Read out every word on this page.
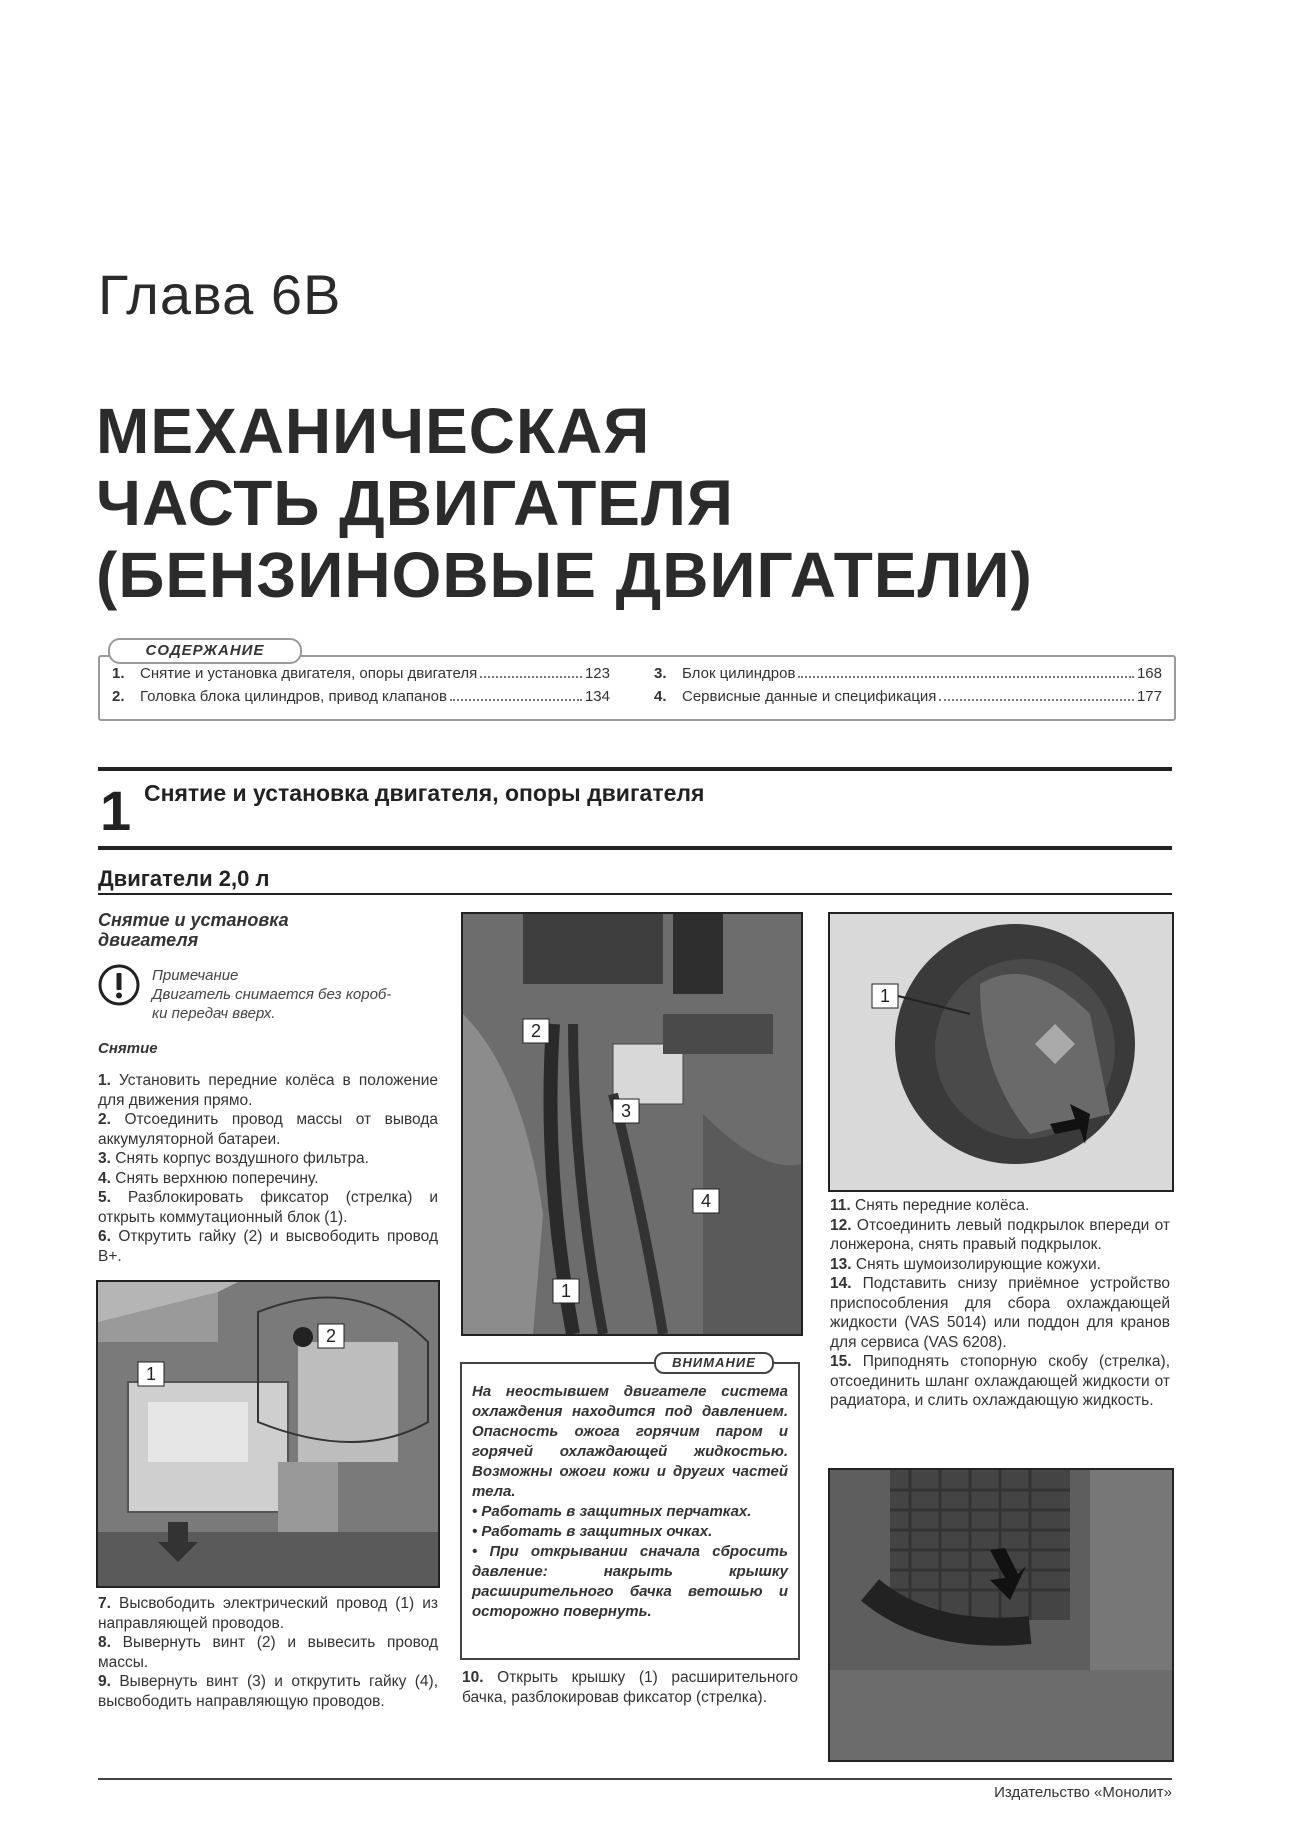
Глава 6В
МЕХАНИЧЕСКАЯ
ЧАСТЬ ДВИГАТЕЛЯ
(БЕНЗИНОВЫЕ ДВИГАТЕЛИ)
1.	Снятие и установка двигателя, опоры двигателя	123
2.	Головка блока цилиндров, привод клапанов	134
3.	Блок цилиндров	168
4.	Сервисные данные и спецификация	177
СОДЕРЖАНИЕ
1 Снятие и установка двигателя, опоры двигателя
Двигатели 2,0 л
Снятие и установка
двигателя
Примечание
Двигатель снимается без короб-
ки передач вверх.
Снятие

1. Установить передние колёса в положение для движения прямо.

2. Отсоединить провод массы от вывода аккумуляторной батареи.

3. Снять корпус воздушного фильтра.

4. Снять верхнюю поперечину.

5. Разблокировать фиксатор (стрелка) и открыть коммутационный блок (1).

6. Открутить гайку (2) и высвободить провод В+.

1
2

7. Высвободить электрический провод (1) из направляющей проводов.

8. Вывернуть винт (2) и вывесить провод массы.

9. Вывернуть винт (3) и открутить гайку (4), высвободить направляющую проводов.

2
3
4
1
ВНИМАНИЕ
На неостывшем двигателе система охлаждения находится под давлением. Опасность ожога горячим паром и горячей охлаждающей жидкостью. Возможны ожоги кожи и других частей тела.
• Работать в защитных перчатках.
• Работать в защитных очках.
• При открывании сначала сбросить давление: накрыть крышку расширительного бачка ветошью и осторожно повернуть.

10. Открыть крышку (1) расширительного бачка, разблокировав фиксатор (стрелка).

1

11. Снять передние колёса.

12. Отсоединить левый подкрылок впереди от лонжерона, снять правый подкрылок.

13. Снять шумоизолирующие кожухи.

14. Подставить снизу приёмное устройство приспособления для сбора охлаждающей жидкости (VAS 5014) или поддон для кранов для сервиса (VAS 6208).

15. Приподнять стопорную скобу (стрелка), отсоединить шланг охлаждающей жидкости от радиатора, и слить охлаждающую жидкость.

Издательство «Монолит»
